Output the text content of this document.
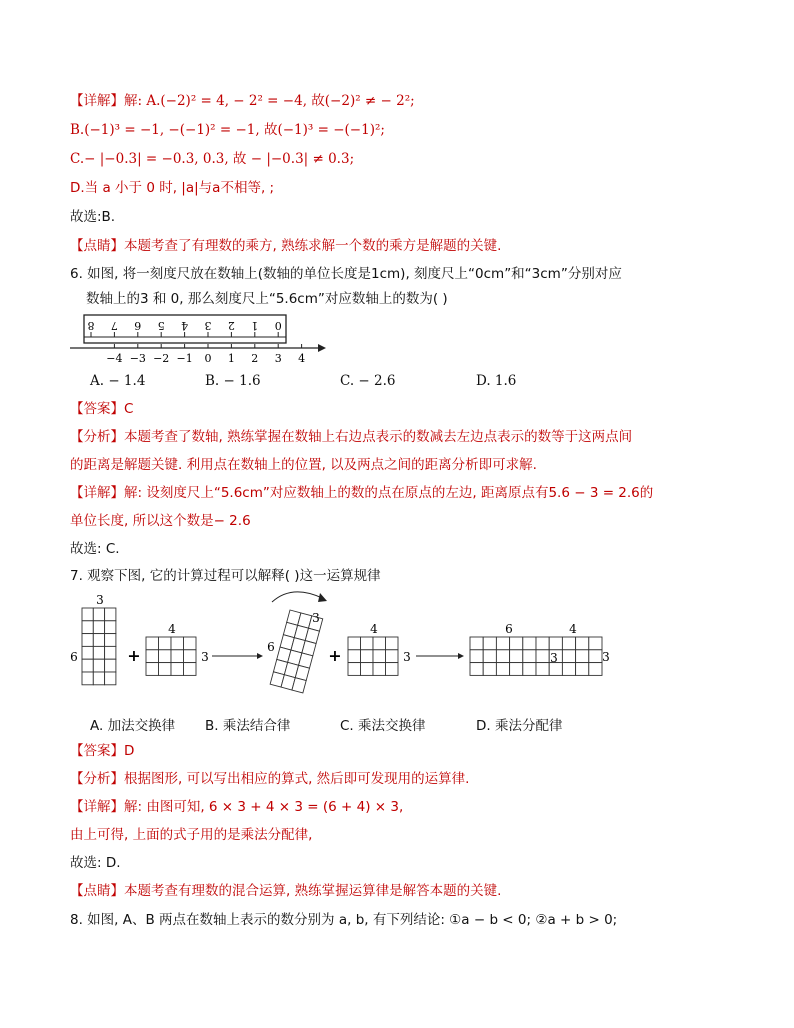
【详解】解: A.(−2)² = 4, − 2² = −4, 故(−2)² ≠ − 2²;
B.(−1)³ = −1, −(−1)² = −1, 故(−1)³ = −(−1)²;
C.− |−0.3| = −0.3, 0.3, 故 − |−0.3| ≠ 0.3;
D.当 a 小于 0 时, |a|与a不相等, ;
故选:B.
【点睛】本题考查了有理数的乘方, 熟练求解一个数的乘方是解题的关键.
6. 如图, 将一刻度尺放在数轴上(数轴的单位长度是1cm), 刻度尺上“0cm”和“3cm”分别对应
数轴上的3 和 0, 那么刻度尺上“5.6cm”对应数轴上的数为( )
8 7 6 5 4 3 2 1 0
−4 −3 −2 −1 0 1 2 3 4
A. − 1.4	B. − 1.6	C. − 2.6	D. 1.6
【答案】C
【分析】本题考查了数轴, 熟练掌握在数轴上右边点表示的数减去左边点表示的数等于这两点间
的距离是解题关键. 利用点在数轴上的位置, 以及两点之间的距离分析即可求解.
【详解】解: 设刻度尺上“5.6cm”对应数轴上的数的点在原点的左边, 距离原点有5.6 − 3 = 2.6的
单位长度, 所以这个数是− 2.6
故选: C.
7. 观察下图, 它的计算过程可以解释( )这一运算规律
3
6	+
4
3
3
6	+
4
3
6	4
3	3
A. 加法交换律 B. 乘法结合律	C. 乘法交换律	D. 乘法分配律
【答案】D
【分析】根据图形, 可以写出相应的算式, 然后即可发现用的运算律.
【详解】解: 由图可知, 6 × 3 + 4 × 3 = (6 + 4) × 3,
由上可得, 上面的式子用的是乘法分配律,
故选: D.
【点睛】本题考查有理数的混合运算, 熟练掌握运算律是解答本题的关键.
8. 如图, A、B 两点在数轴上表示的数分别为 a, b, 有下列结论: ①a − b < 0; ②a + b > 0;
